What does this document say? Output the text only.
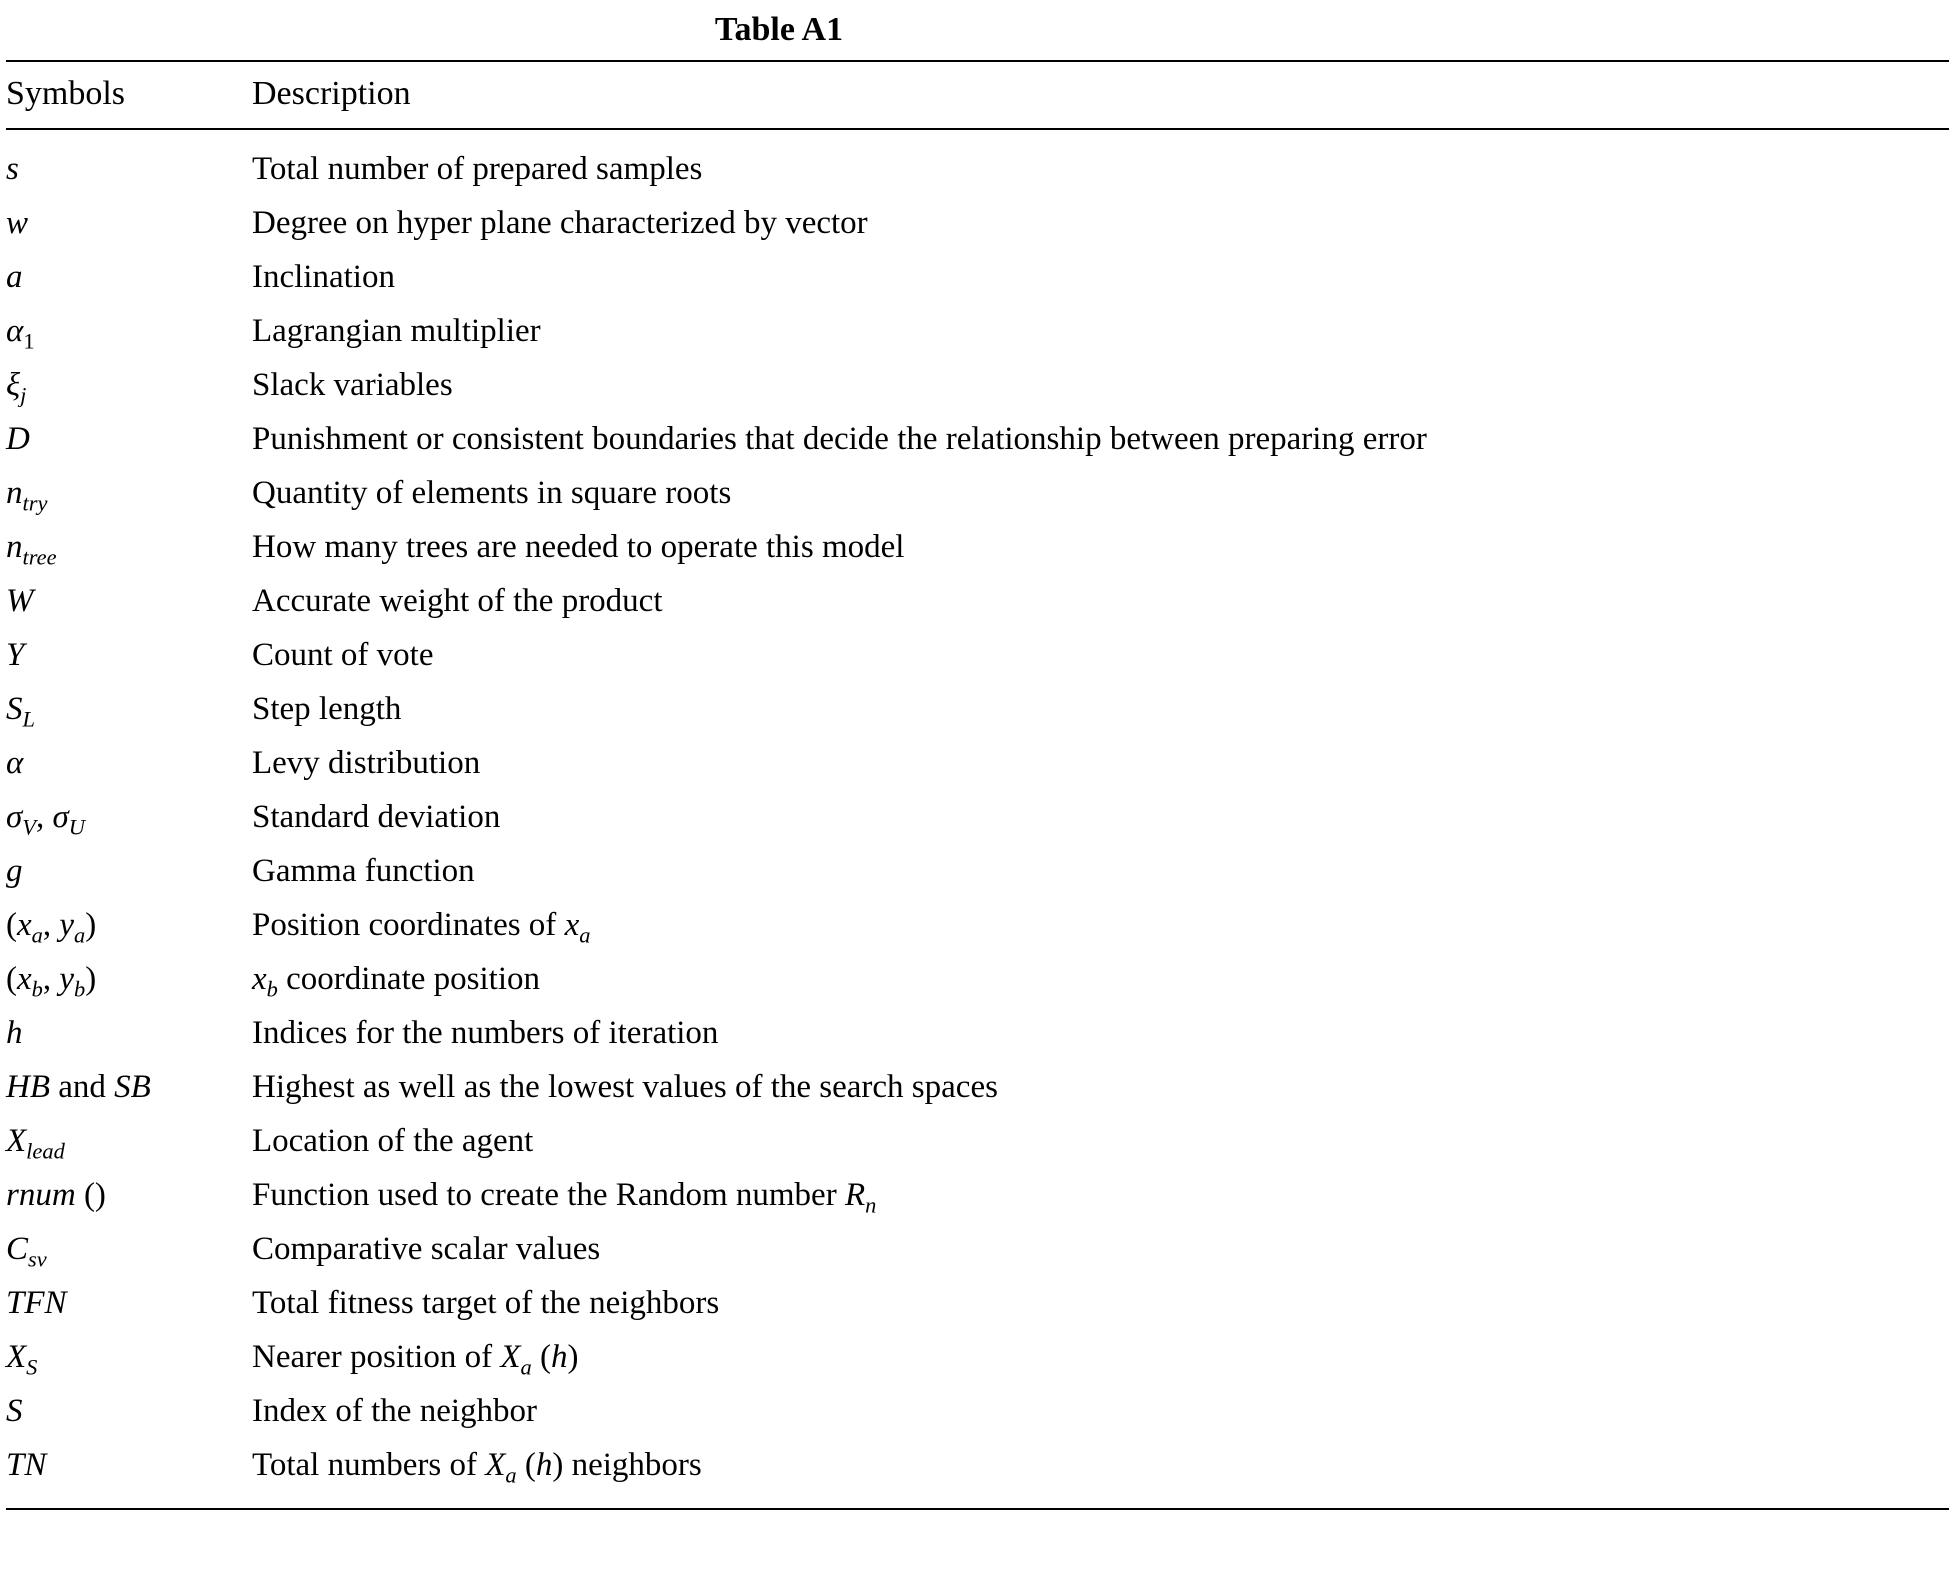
Table A1
Symbols	Description
s	Total number of prepared samples
w	Degree on hyper plane characterized by vector
a	Inclination
$\alpha_1$	Lagrangian multiplier
$\xi_j$	Slack variables
D	Punishment or consistent boundaries that decide the relationship between preparing error
$n_{try}$	Quantity of elements in square roots
$n_{tree}$	How many trees are needed to operate this model
W	Accurate weight of the product
Y	Count of vote
$S_L$	Step length
α	Levy distribution
$\sigma_V$, $\sigma_U$	Standard deviation
g	Gamma function
($x_a$, $y_a$)	Position coordinates of $x_a$
($x_b$, $y_b$)	$x_b$ coordinate position
h	Indices for the numbers of iteration
HB and SB	Highest as well as the lowest values of the search spaces
$X_{lead}$	Location of the agent
rnum ()	Function used to create the Random number $R_n$
$C_{sv}$	Comparative scalar values
TFN	Total fitness target of the neighbors
$X_S$	Nearer position of $X_a$ (h)
S	Index of the neighbor
TN	Total numbers of $X_a$ (h) neighbors
